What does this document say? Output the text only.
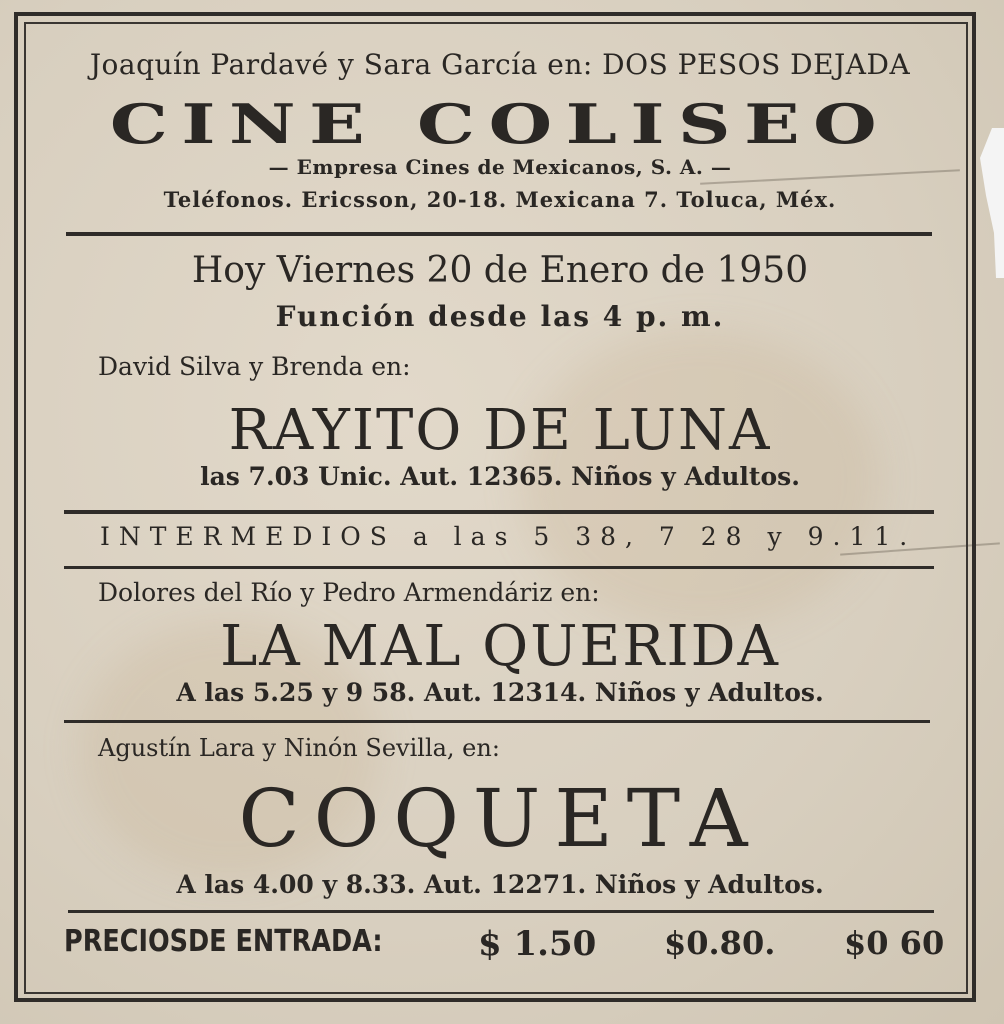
Joaquín Pardavé y Sara García en: DOS PESOS DEJADA
CINE COLISEO
— Empresa Cines de Mexicanos, S. A. —
Teléfonos. Ericsson, 20-18. Mexicana 7. Toluca, Méx.
Hoy Viernes 20 de Enero de 1950
Función desde las 4 p. m.
David Silva y Brenda en:
RAYITO DE LUNA
las 7.03 Unic. Aut. 12365. Niños y Adultos.
INTERMEDIOS a las 5 38, 7 28 y 9.11.
Dolores del Río y Pedro Armendáriz en:
LA MAL QUERIDA
A las 5.25 y 9 58. Aut. 12314. Niños y Adultos.
Agustín Lara y Ninón Sevilla, en:
COQUETA
A las 4.00 y 8.33. Aut. 12271. Niños y Adultos.
PRECIOSDE ENTRADA:	$ 1.50 $0.80. $0 60
